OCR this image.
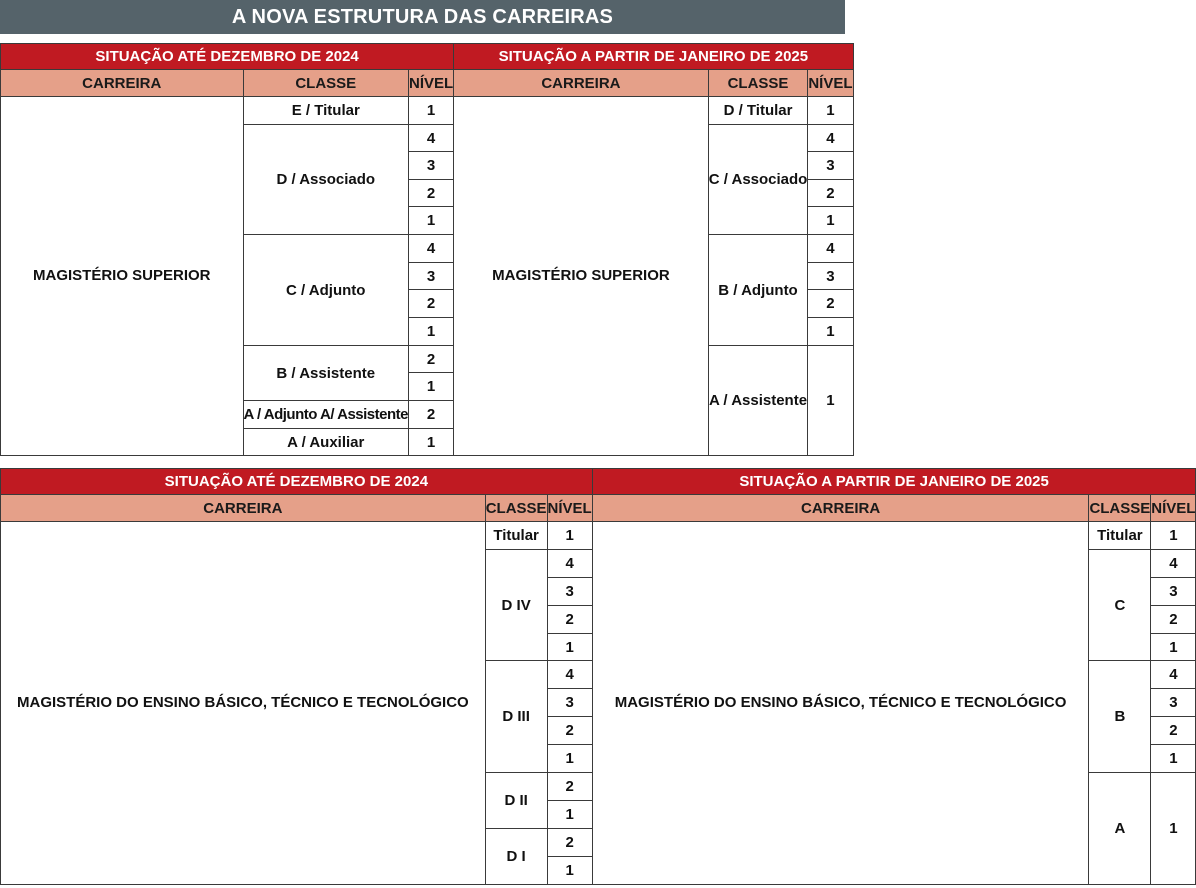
A NOVA ESTRUTURA DAS CARREIRAS
SITUAÇÃO ATÉ DEZEMBRO DE 2024			SITUAÇÃO A PARTIR DE JANEIRO DE 2025		
CARREIRA	CLASSE	NÍVEL	CARREIRA	CLASSE	NÍVEL
MAGISTÉRIO SUPERIOR	E / Titular	1	MAGISTÉRIO SUPERIOR	D / Titular	1
	D / Associado	4		C / Associado	4
		3			3
		2			2
		1			1
	C / Adjunto	4		B / Adjunto	4
		3			3
		2			2
		1			1
	B / Assistente	2		A / Assistente	1
		1			
	A / Adjunto A/ Assistente	2			
	A / Auxiliar	1			
SITUAÇÃO ATÉ DEZEMBRO DE 2024			SITUAÇÃO A PARTIR DE JANEIRO DE 2025		
CARREIRA	CLASSE	NÍVEL	CARREIRA	CLASSE	NÍVEL
MAGISTÉRIO DO ENSINO BÁSICO, TÉCNICO E TECNOLÓGICO	Titular	1	MAGISTÉRIO DO ENSINO BÁSICO, TÉCNICO E TECNOLÓGICO	Titular	1
	D IV	4		C	4
		3			3
		2			2
		1			1
	D III	4		B	4
		3			3
		2			2
		1			1
	D II	2		A	1
		1			
	D I	2			
		1			
